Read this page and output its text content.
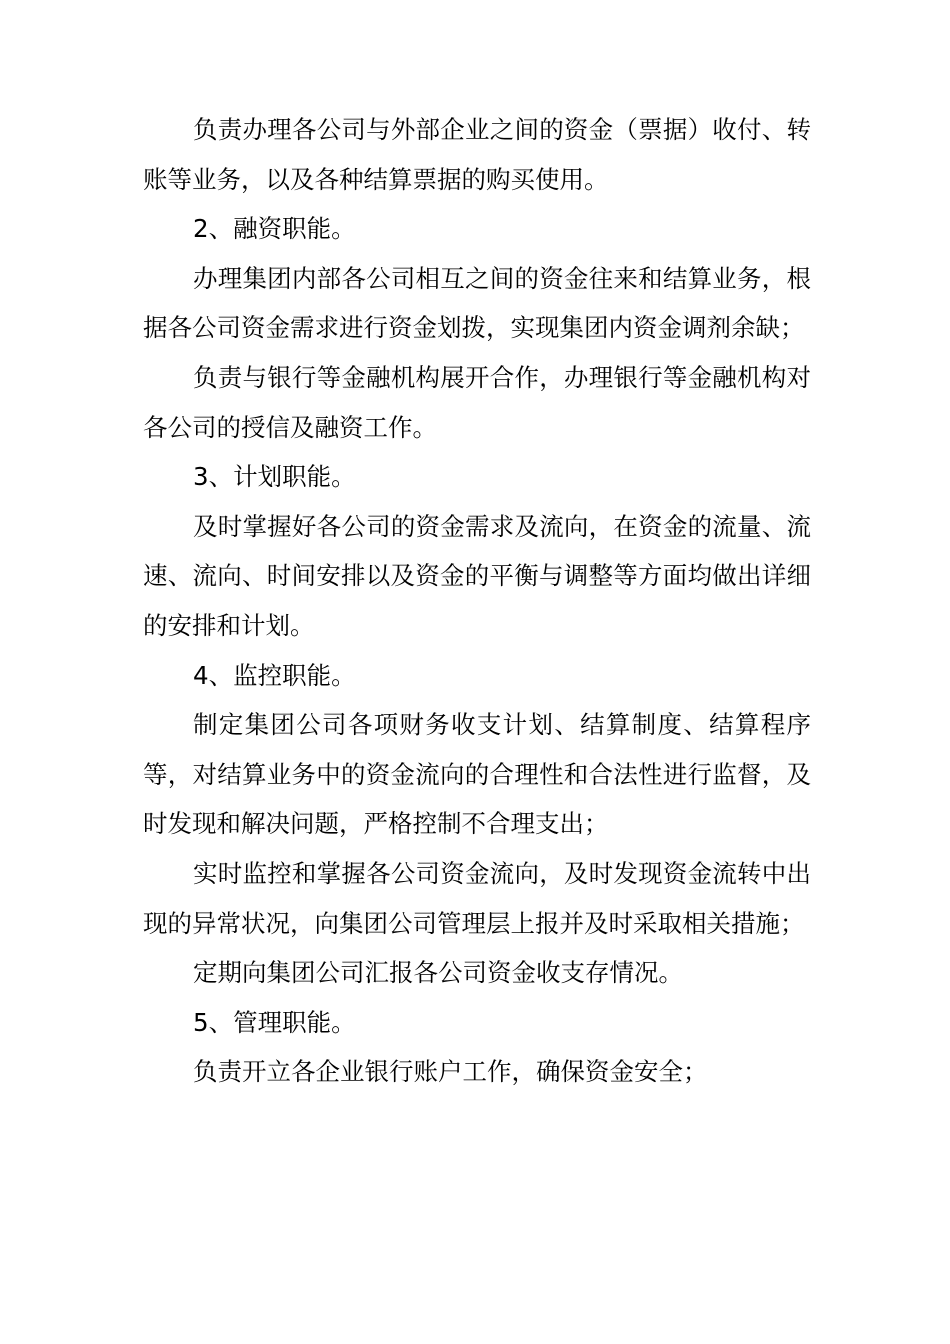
负责办理各公司与外部企业之间的资金（票据）收付、转账等业务，以及各种结算票据的购买使用。

2、融资职能。

办理集团内部各公司相互之间的资金往来和结算业务，根据各公司资金需求进行资金划拨，实现集团内资金调剂余缺；

负责与银行等金融机构展开合作，办理银行等金融机构对各公司的授信及融资工作。

3、计划职能。

及时掌握好各公司的资金需求及流向，在资金的流量、流速、流向、时间安排以及资金的平衡与调整等方面均做出详细的安排和计划。

4、监控职能。

制定集团公司各项财务收支计划、结算制度、结算程序等，对结算业务中的资金流向的合理性和合法性进行监督，及时发现和解决问题，严格控制不合理支出；

实时监控和掌握各公司资金流向，及时发现资金流转中出现的异常状况，向集团公司管理层上报并及时采取相关措施；

定期向集团公司汇报各公司资金收支存情况。

5、管理职能。

负责开立各企业银行账户工作，确保资金安全；
